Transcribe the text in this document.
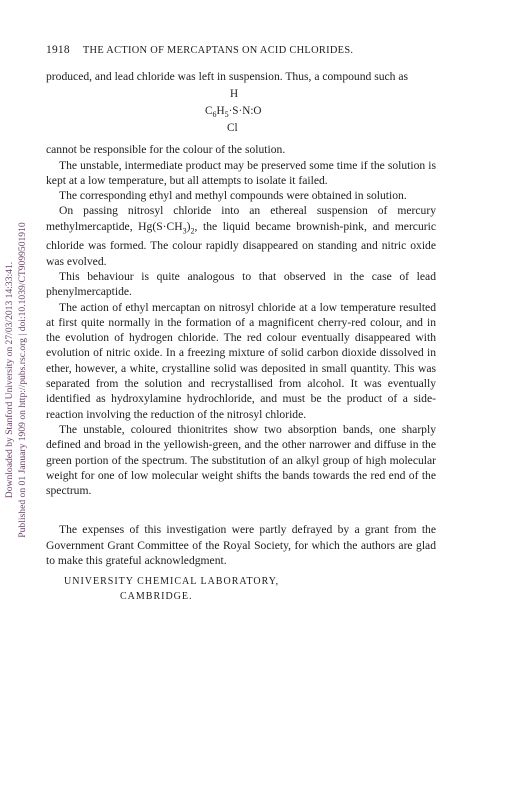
Downloaded by Stanford University on 27/03/2013 14:33:41. Published on 01 January 1909 on http://pubs.rsc.org | doi:10.1039/CT9099501910
1918 THE ACTION OF MERCAPTANS ON ACID CHLORIDES.

produced, and lead chloride was left in suspension. Thus, a compound such as

H
$C_6H_5\cdot S\cdot N:O$
Cl

cannot be responsible for the colour of the solution.

The unstable, intermediate product may be preserved some time if the solution is kept at a low temperature, but all attempts to isolate it failed.

The corresponding ethyl and methyl compounds were obtained in solution.

On passing nitrosyl chloride into an ethereal suspension of mercury methylmercaptide, $Hg(S\cdot CH_3)_2$, the liquid became brownish-pink, and mercuric chloride was formed. The colour rapidly disappeared on standing and nitric oxide was evolved.

This behaviour is quite analogous to that observed in the case of lead phenylmercaptide.

The action of ethyl mercaptan on nitrosyl chloride at a low temperature resulted at first quite normally in the formation of a magnificent cherry-red colour, and in the evolution of hydrogen chloride. The red colour eventually disappeared with evolution of nitric oxide. In a freezing mixture of solid carbon dioxide dissolved in ether, however, a white, crystalline solid was deposited in small quantity. This was separated from the solution and recrystallised from alcohol. It was eventually identified as hydroxylamine hydrochloride, and must be the product of a side-reaction involving the reduction of the nitrosyl chloride.

The unstable, coloured thionitrites show two absorption bands, one sharply defined and broad in the yellowish-green, and the other narrower and diffuse in the green portion of the spectrum. The substitution of an alkyl group of high molecular weight for one of low molecular weight shifts the bands towards the red end of the spectrum.

The expenses of this investigation were partly defrayed by a grant from the Government Grant Committee of the Royal Society, for which the authors are glad to make this grateful acknowledgment.

UNIVERSITY CHEMICAL LABORATORY,
CAMBRIDGE.
